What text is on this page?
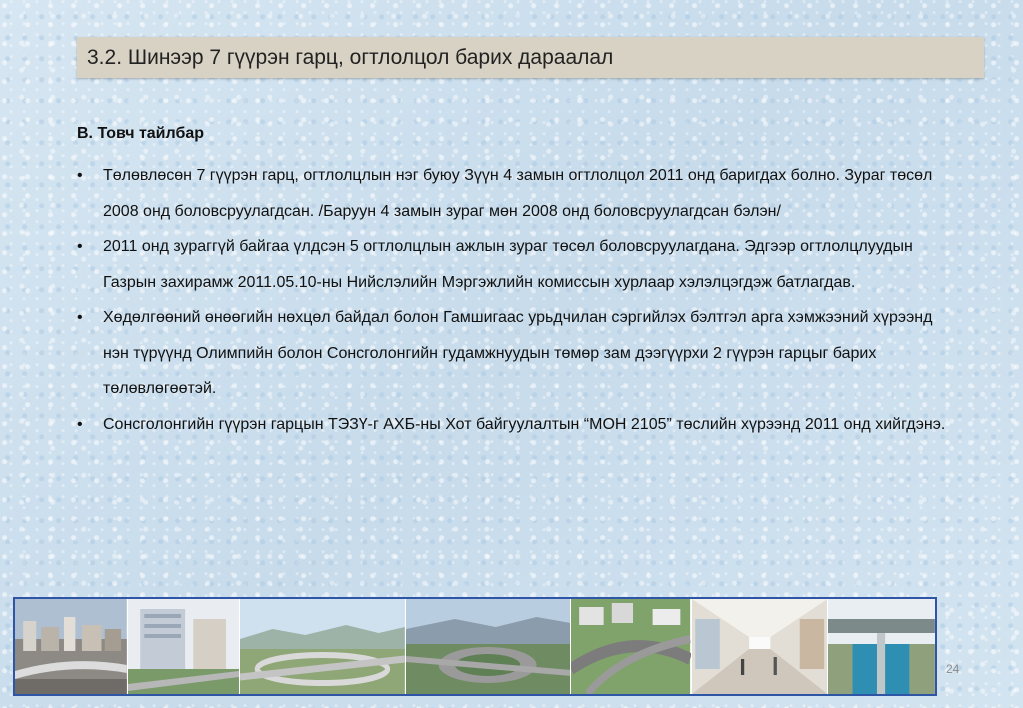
3.2. Шинээр 7 гүүрэн гарц, огтлолцол барих дараалал
В. Товч тайлбар
• Төлөвлөсөн 7 гүүрэн гарц, огтлолцлын нэг буюу Зүүн 4 замын огтлолцол 2011 онд баригдах болно. Зураг төсөл 2008 онд боловсруулагдсан. /Баруун 4 замын зураг мөн 2008 онд боловсруулагдсан бэлэн/
• 2011 онд зураггүй байгаа үлдсэн 5 огтлолцлын ажлын зураг төсөл боловсруулагдана. Эдгээр огтлолцлуудын Газрын захирамж 2011.05.10-ны Нийслэлийн Мэргэжлийн комиссын хурлаар хэлэлцэгдэж батлагдав.
• Хөдөлгөөний өнөөгийн нөхцөл байдал болон Гамшигаас урьдчилан сэргийлэх бэлтгэл арга хэмжээний хүрээнд нэн түрүүнд Олимпийн болон Сонсголонгийн гудамжнуудын төмөр зам дээгүүрхи 2 гүүрэн гарцыг барих төлөвлөгөөтэй.
• Сонсголонгийн гүүрэн гарцын ТЭЗҮ-г АХБ-ны Хот байгуулалтын “МОН 2105” төслийн хүрээнд 2011 онд хийгдэнэ.
24
